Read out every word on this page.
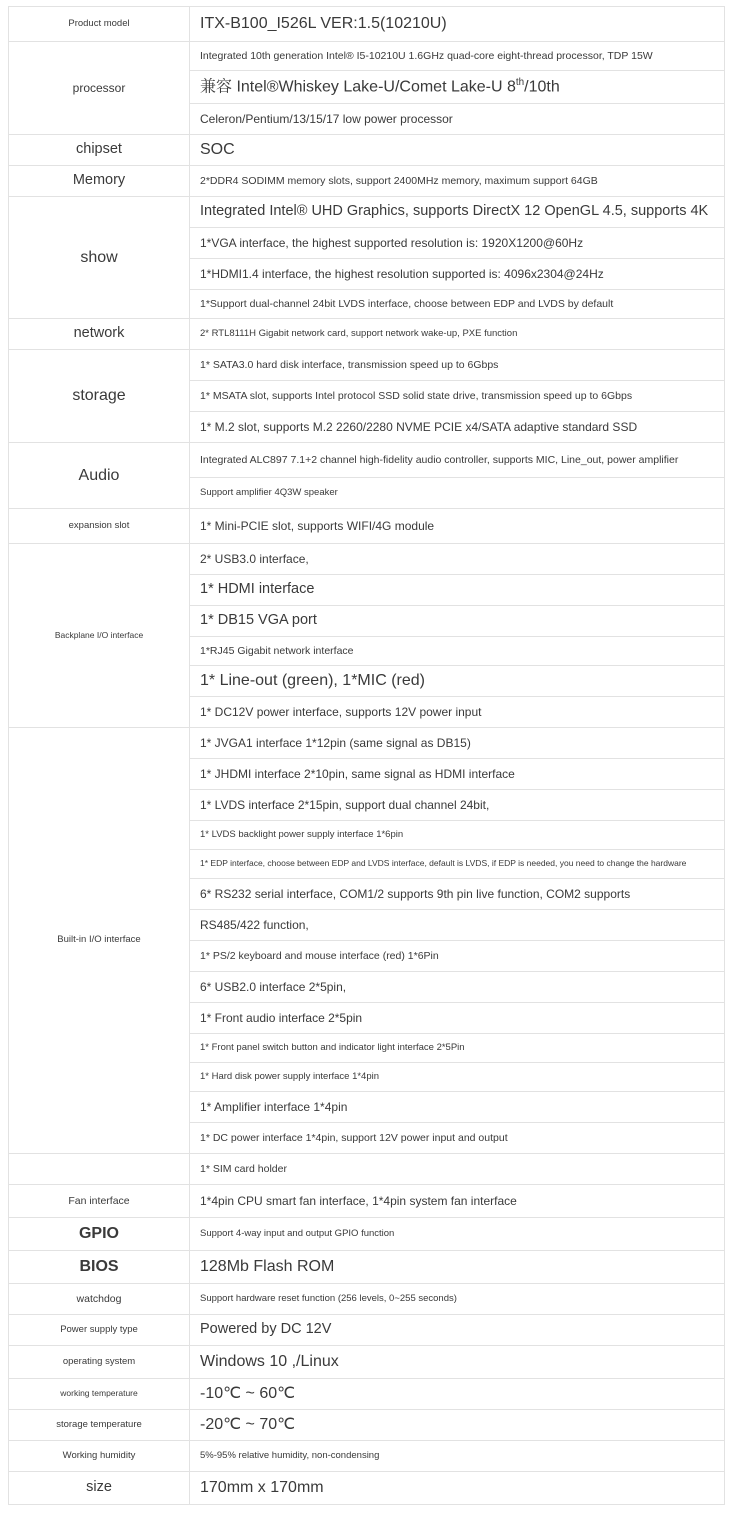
Product model	ITX-B100_I526L VER:1.5(10210U)
processor	Integrated 10th generation Intel® I5-10210U 1.6GHz quad-core eight-thread processor, TDP 15W
	兼容 Intel®Whiskey Lake-U/Comet Lake-U 8th/10th
	Celeron/Pentium/13/15/17 low power processor
chipset	SOC
Memory	2*DDR4 SODIMM memory slots, support 2400MHz memory, maximum support 64GB
show	Integrated Intel® UHD Graphics, supports DirectX 12 OpenGL 4.5, supports 4K
	1*VGA interface, the highest supported resolution is: 1920X1200@60Hz
	1*HDMI1.4 interface, the highest resolution supported is: 4096x2304@24Hz
	1*Support dual-channel 24bit LVDS interface, choose between EDP and LVDS by default
network	2* RTL8111H Gigabit network card, support network wake-up, PXE function
storage	1* SATA3.0 hard disk interface, transmission speed up to 6Gbps
	1* MSATA slot, supports Intel protocol SSD solid state drive, transmission speed up to 6Gbps
	1* M.2 slot, supports M.2 2260/2280 NVME PCIE x4/SATA adaptive standard SSD
Audio	Integrated ALC897 7.1+2 channel high-fidelity audio controller, supports MIC, Line_out, power amplifier
	Support amplifier 4Q3W speaker
expansion slot	1* Mini-PCIE slot, supports WIFI/4G module
Backplane I/O interface	2* USB3.0 interface,
	1* HDMI interface
	1* DB15 VGA port
	1*RJ45 Gigabit network interface
	1* Line-out (green), 1*MIC (red)
	1* DC12V power interface, supports 12V power input
Built-in I/O interface	1* JVGA1 interface 1*12pin (same signal as DB15)
	1* JHDMI interface 2*10pin, same signal as HDMI interface
	1* LVDS interface 2*15pin, support dual channel 24bit,
	1* LVDS backlight power supply interface 1*6pin
	1* EDP interface, choose between EDP and LVDS interface, default is LVDS, if EDP is needed, you need to change the hardware
	6* RS232 serial interface, COM1/2 supports 9th pin live function, COM2 supports
	RS485/422 function,
	1* PS/2 keyboard and mouse interface (red) 1*6Pin
	6* USB2.0 interface 2*5pin,
	1* Front audio interface 2*5pin
	1* Front panel switch button and indicator light interface 2*5Pin
	1* Hard disk power supply interface 1*4pin
	1* Amplifier interface 1*4pin
	1* DC power interface 1*4pin, support 12V power input and output
	1* SIM card holder
Fan interface	1*4pin CPU smart fan interface, 1*4pin system fan interface
GPIO	Support 4-way input and output GPIO function
BIOS	128Mb Flash ROM
watchdog	Support hardware reset function (256 levels, 0~255 seconds)
Power supply type	Powered by DC 12V
operating system	Windows 10 ,/Linux
working temperature	-10℃ ~ 60℃
storage temperature	-20℃ ~ 70℃
Working humidity	5%-95% relative humidity, non-condensing
size	170mm x 170mm
